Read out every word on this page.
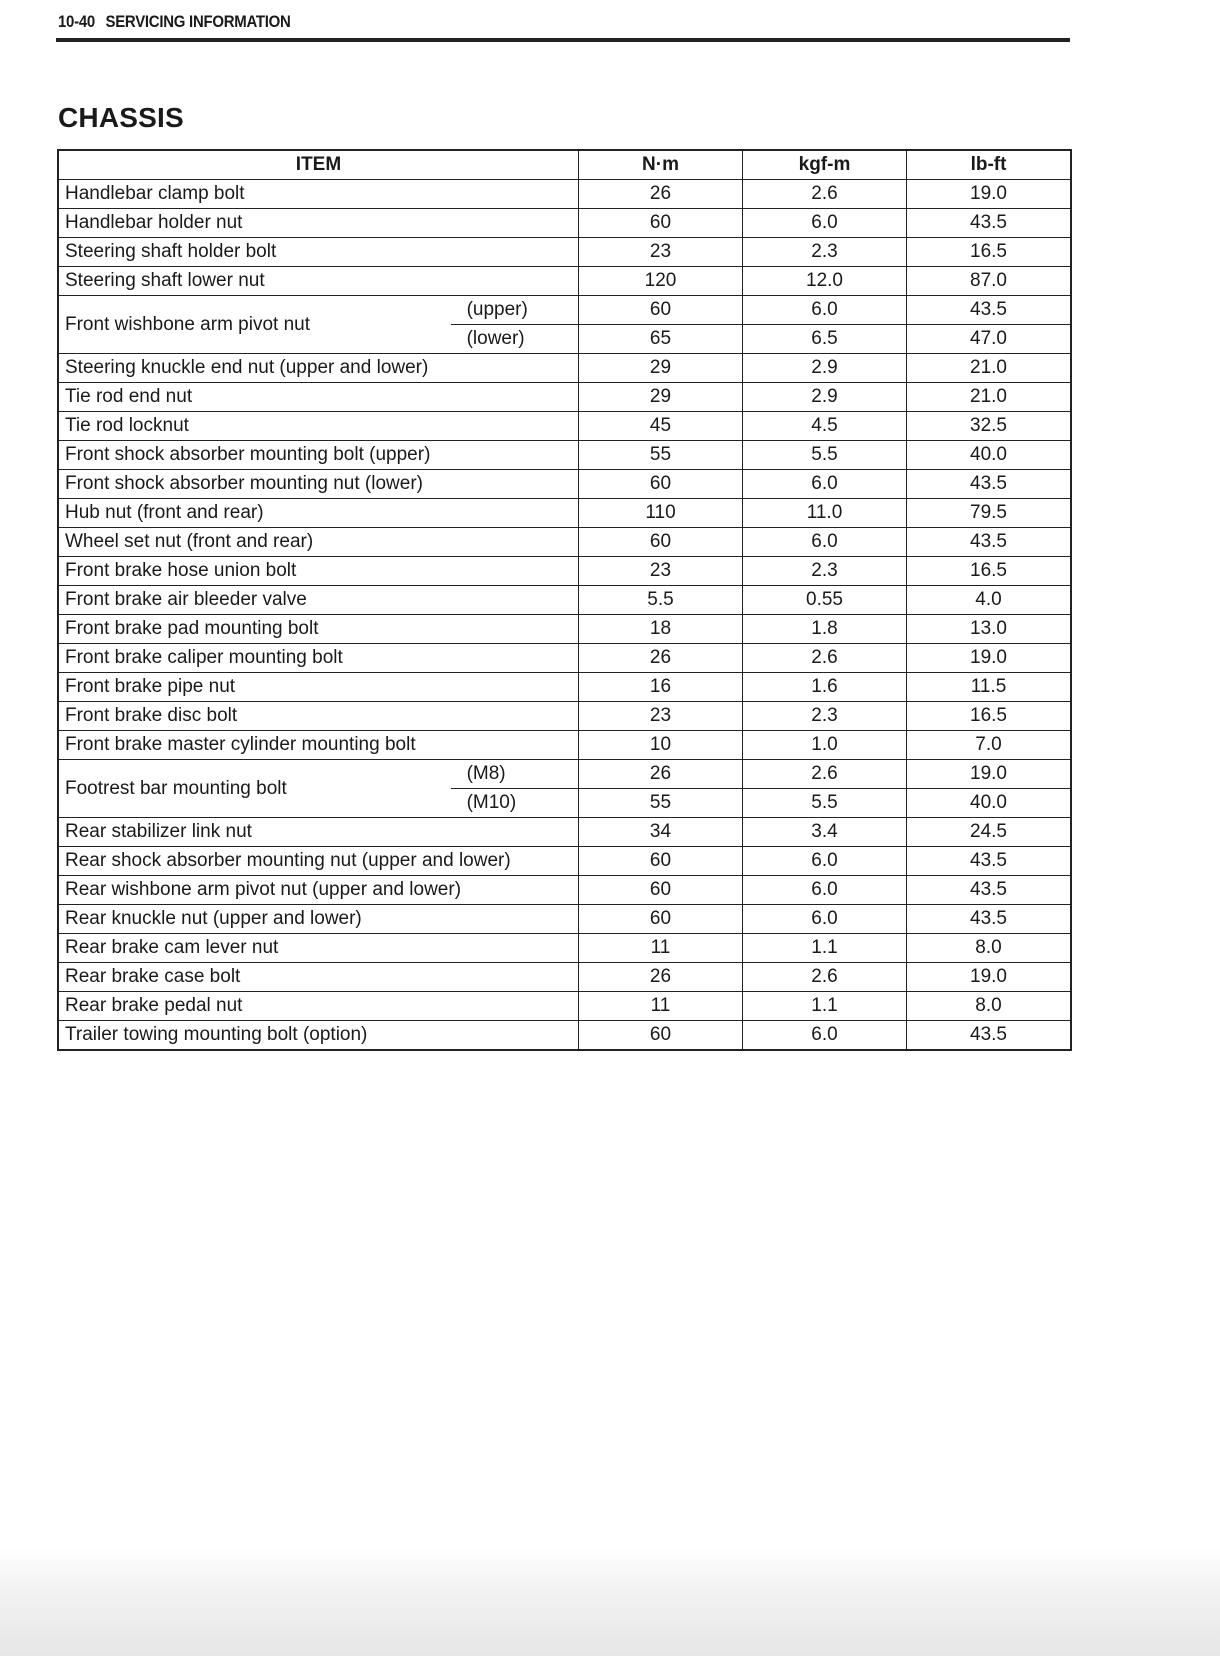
10-40 SERVICING INFORMATION
CHASSIS
ITEM		N·m	kgf-m	lb-ft
Handlebar clamp bolt		26	2.6	19.0
Handlebar holder nut		60	6.0	43.5
Steering shaft holder bolt		23	2.3	16.5
Steering shaft lower nut		120	12.0	87.0
Front wishbone arm pivot nut	(upper)	60	6.0	43.5
	(lower)	65	6.5	47.0
Steering knuckle end nut (upper and lower)		29	2.9	21.0
Tie rod end nut		29	2.9	21.0
Tie rod locknut		45	4.5	32.5
Front shock absorber mounting bolt (upper)		55	5.5	40.0
Front shock absorber mounting nut (lower)		60	6.0	43.5
Hub nut (front and rear)		110	11.0	79.5
Wheel set nut (front and rear)		60	6.0	43.5
Front brake hose union bolt		23	2.3	16.5
Front brake air bleeder valve		5.5	0.55	4.0
Front brake pad mounting bolt		18	1.8	13.0
Front brake caliper mounting bolt		26	2.6	19.0
Front brake pipe nut		16	1.6	11.5
Front brake disc bolt		23	2.3	16.5
Front brake master cylinder mounting bolt		10	1.0	7.0
Footrest bar mounting bolt	(M8)	26	2.6	19.0
	(M10)	55	5.5	40.0
Rear stabilizer link nut		34	3.4	24.5
Rear shock absorber mounting nut (upper and lower)		60	6.0	43.5
Rear wishbone arm pivot nut (upper and lower)		60	6.0	43.5
Rear knuckle nut (upper and lower)		60	6.0	43.5
Rear brake cam lever nut		11	1.1	8.0
Rear brake case bolt		26	2.6	19.0
Rear brake pedal nut		11	1.1	8.0
Trailer towing mounting bolt (option)		60	6.0	43.5
